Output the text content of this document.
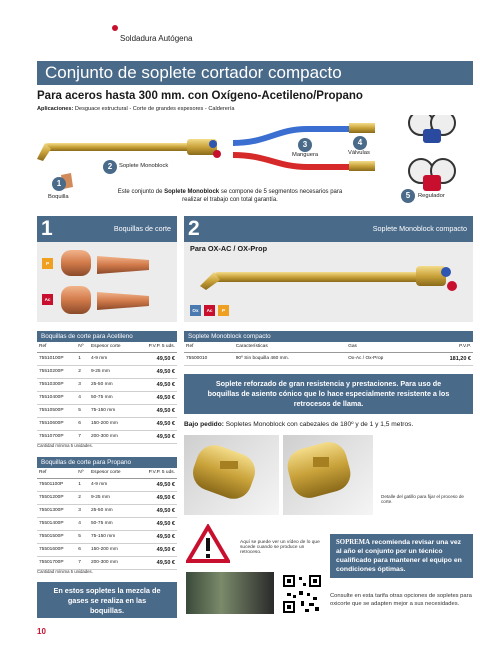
Soldadura Autógena
Conjunto de soplete cortador compacto
Para aceros hasta 300 mm. con Oxígeno-Acetileno/Propano
Aplicaciones: Desguace estructural - Corte de grandes espesores - Calderería
1
Boquilla
2	Soplete Monoblock
3
Manguera
4
Válvulas
5	Regulador
Este conjunto de Soplete Monoblock se compone de 5 segmentos necesarios para realizar el trabajo con total garantía.
1	Boquillas de corte
P
Ac
2	Soplete Monoblock compacto
Para OX-AC / OX-Prop
Ox	Ac	P
Boquillas de corte para Acetileno
Ref	Nº	Espesor corte	P.V.P. 5 uds.
75510100P	1	4-9 mm	49,50 €
75510200P	2	9-25 mm	49,50 €
75510300P	3	25-50 mm	49,50 €
75510400P	4	50-75 mm	49,50 €
75510500P	5	75-150 mm	49,50 €
75510600P	6	150-200 mm	49,50 €
75510700P	7	200-300 mm	49,50 €
Cantidad mínima 5 unidades.
Boquillas de corte para Propano
Ref	Nº	Espesor corte	P.V.P. 5 uds.
75501100P	1	4-9 mm	49,50 €
75501200P	2	9-25 mm	49,50 €
75501300P	3	25-50 mm	49,50 €
75501400P	4	50-75 mm	49,50 €
75501500P	5	75-150 mm	49,50 €
75501600P	6	150-200 mm	49,50 €
75501700P	7	200-300 mm	49,50 €
Cantidad mínima 5 unidades.
Soplete Monoblock compacto
Ref	Características	Gas	P.V.P.
75500010	90º Sin boquilla 460 mm.	Ox-Ac / Ox-Prop	181,20 €
Soplete reforzado de gran resistencia y prestaciones. Para uso de boquillas de asiento cónico que lo hace especialmente resistente a los retrocesos de llama.
Bajo pedido: Sopletes Monoblock con cabezales de 180º y de 1 y 1,5 metros.
Detalle del gatillo para fijar el proceso de corte.
Aquí se puede ver un vídeo de lo que sucede cuando se produce un retroceso.
SOPREMA recomienda revisar una vez al año el conjunto por un técnico cualificado para mantener el equipo en condiciones óptimas.
Consulte en esta tarifa otras opciones de sopletes para oxicorte que se adapten mejor a sus necesidades.
En estos sopletes la mezcla de gases se realiza en las boquillas.
10
